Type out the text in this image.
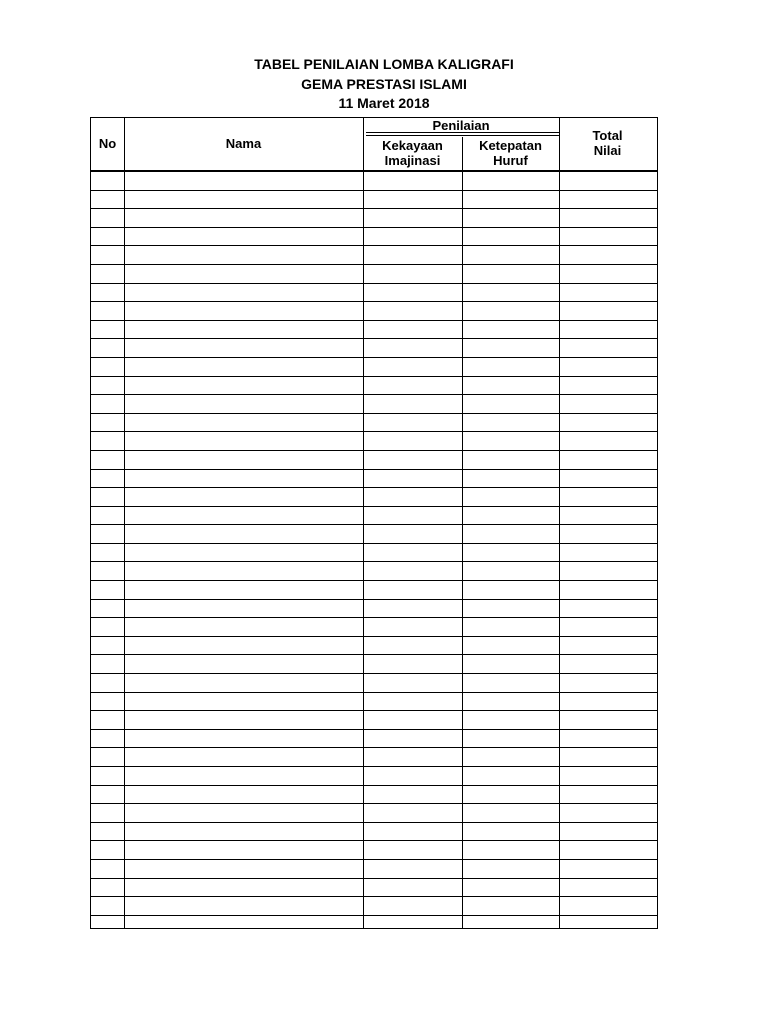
TABEL PENILAIAN LOMBA KALIGRAFI
GEMA PRESTASI ISLAMI
11 Maret 2018
No	Nama
Penilaian
Kekayaan
Imajinasi
Ketepatan
Huruf
Total
Nilai
